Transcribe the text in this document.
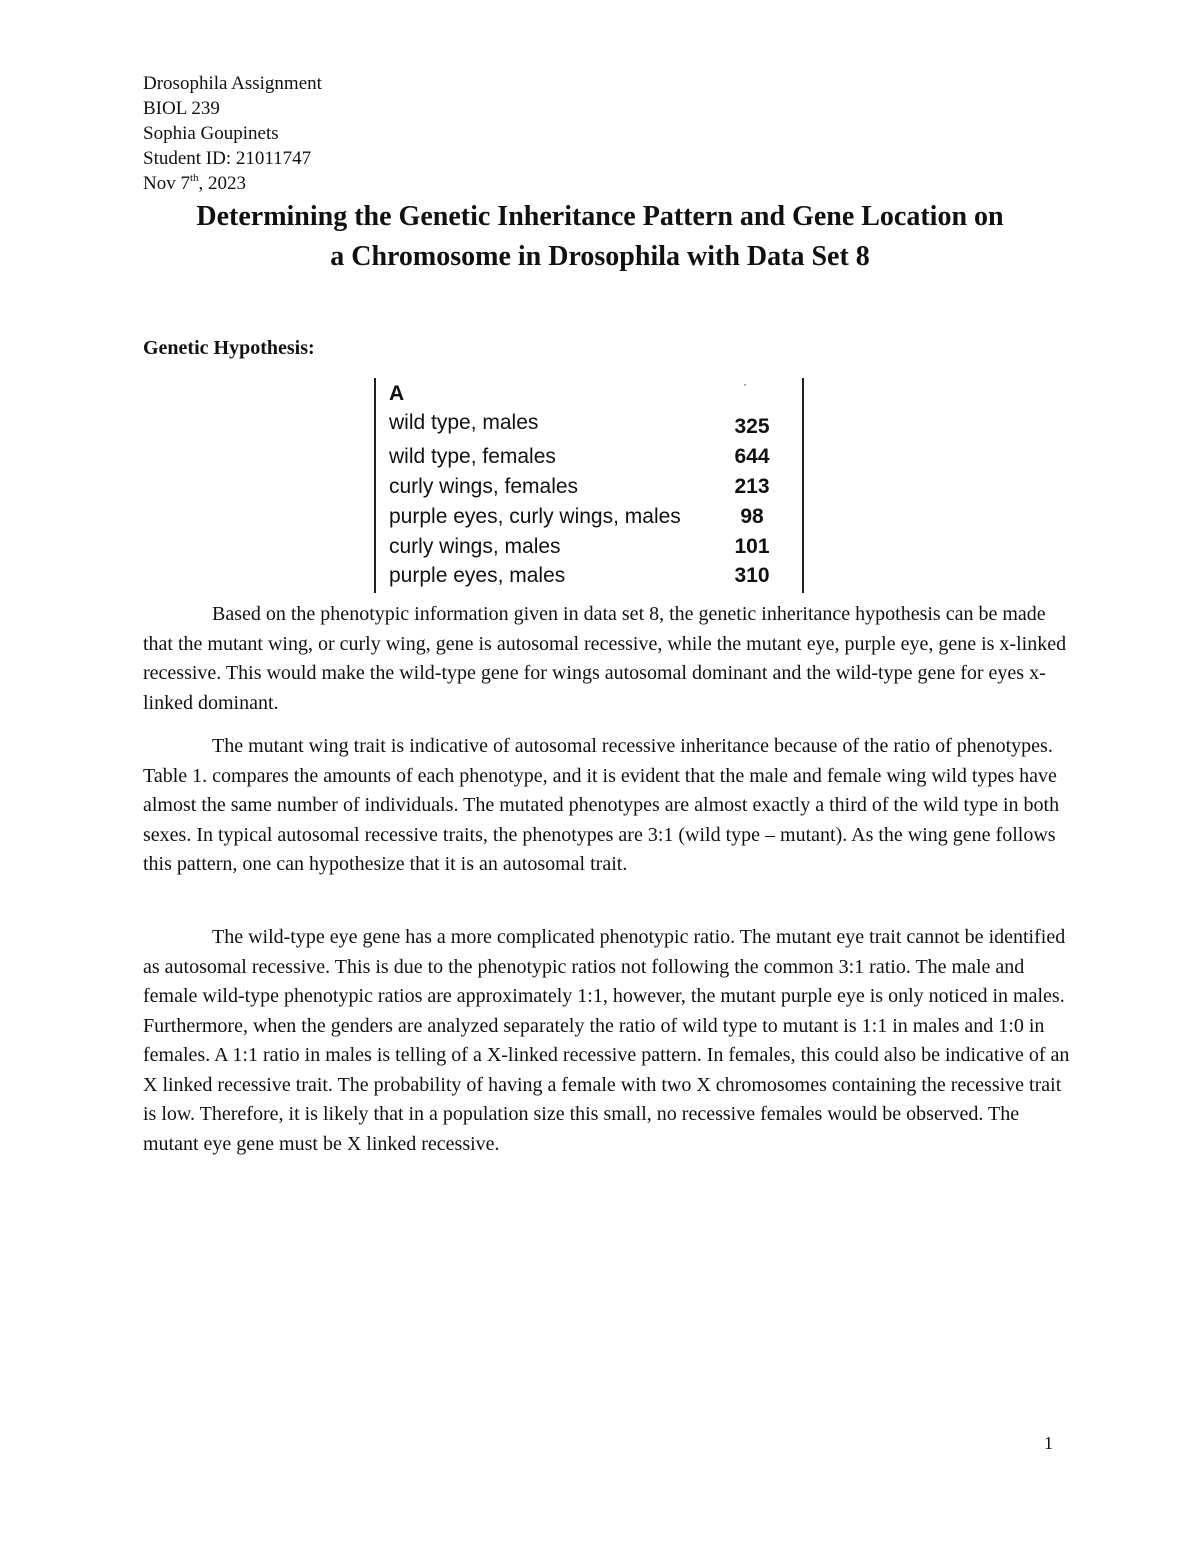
Drosophila Assignment
BIOL 239
Sophia Goupinets
Student ID: 21011747
Nov 7th, 2023
Determining the Genetic Inheritance Pattern and Gene Location on
a Chromosome in Drosophila with Data Set 8
Genetic Hypothesis:
·
A
wild type, males	325
wild type, females	644
curly wings, females	213
purple eyes, curly wings, males	98
curly wings, males	101
purple eyes, males	310

Based on the phenotypic information given in data set 8, the genetic inheritance hypothesis can be made that the mutant wing, or curly wing, gene is autosomal recessive, while the mutant eye, purple eye, gene is x-linked recessive. This would make the wild-type gene for wings autosomal dominant and the wild-type gene for eyes x-linked dominant.

The mutant wing trait is indicative of autosomal recessive inheritance because of the ratio of phenotypes. Table 1. compares the amounts of each phenotype, and it is evident that the male and female wing wild types have almost the same number of individuals. The mutated phenotypes are almost exactly a third of the wild type in both sexes. In typical autosomal recessive traits, the phenotypes are 3:1 (wild type – mutant). As the wing gene follows this pattern, one can hypothesize that it is an autosomal trait.

The wild-type eye gene has a more complicated phenotypic ratio. The mutant eye trait cannot be identified as autosomal recessive. This is due to the phenotypic ratios not following the common 3:1 ratio. The male and female wild-type phenotypic ratios are approximately 1:1, however, the mutant purple eye is only noticed in males. Furthermore, when the genders are analyzed separately the ratio of wild type to mutant is 1:1 in males and 1:0 in females. A 1:1 ratio in males is telling of a X-linked recessive pattern. In females, this could also be indicative of an X linked recessive trait. The probability of having a female with two X chromosomes containing the recessive trait is low. Therefore, it is likely that in a population size this small, no recessive females would be observed. The mutant eye gene must be X linked recessive.

1
